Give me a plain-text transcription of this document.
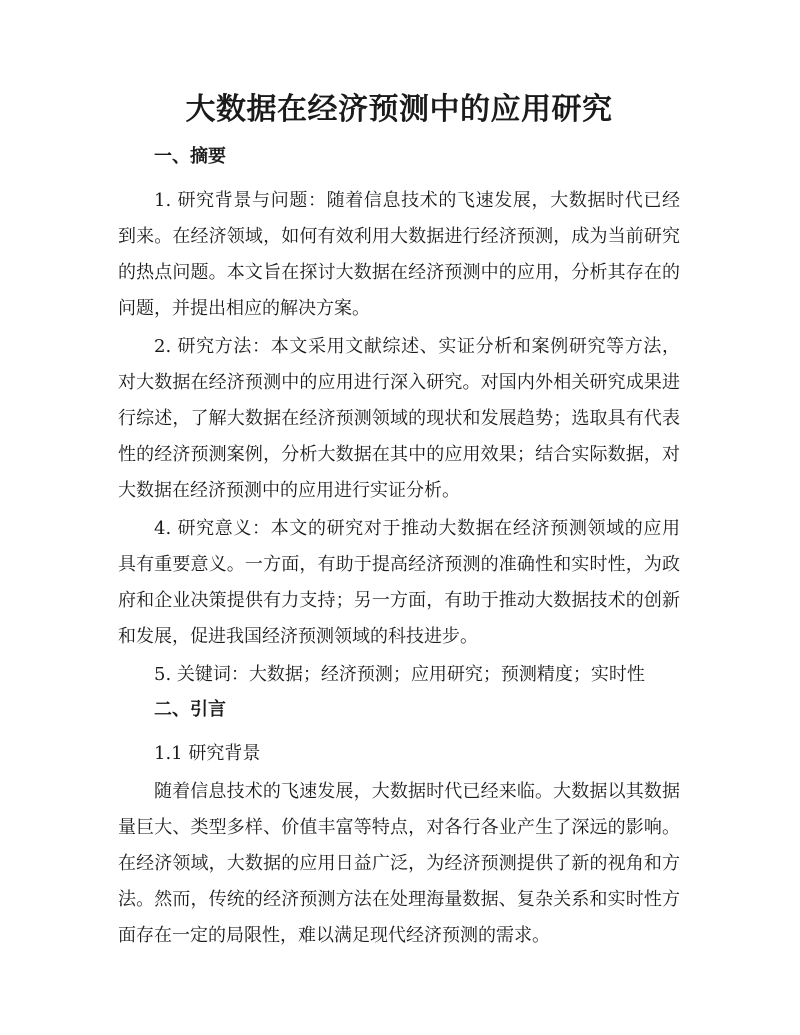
大数据在经济预测中的应用研究
一、摘要

1. 研究背景与问题：随着信息技术的飞速发展，大数据时代已经到来。在经济领域，如何有效利用大数据进行经济预测，成为当前研究的热点问题。本文旨在探讨大数据在经济预测中的应用，分析其存在的问题，并提出相应的解决方案。

2. 研究方法：本文采用文献综述、实证分析和案例研究等方法，对大数据在经济预测中的应用进行深入研究。对国内外相关研究成果进行综述，了解大数据在经济预测领域的现状和发展趋势；选取具有代表性的经济预测案例，分析大数据在其中的应用效果；结合实际数据，对大数据在经济预测中的应用进行实证分析。

4. 研究意义：本文的研究对于推动大数据在经济预测领域的应用具有重要意义。一方面，有助于提高经济预测的准确性和实时性，为政府和企业决策提供有力支持；另一方面，有助于推动大数据技术的创新和发展，促进我国经济预测领域的科技进步。

5. 关键词：大数据；经济预测；应用研究；预测精度；实时性

二、引言
1.1 研究背景

随着信息技术的飞速发展，大数据时代已经来临。大数据以其数据量巨大、类型多样、价值丰富等特点，对各行各业产生了深远的影响。在经济领域，大数据的应用日益广泛，为经济预测提供了新的视角和方法。然而，传统的经济预测方法在处理海量数据、复杂关系和实时性方面存在一定的局限性，难以满足现代经济预测的需求。
